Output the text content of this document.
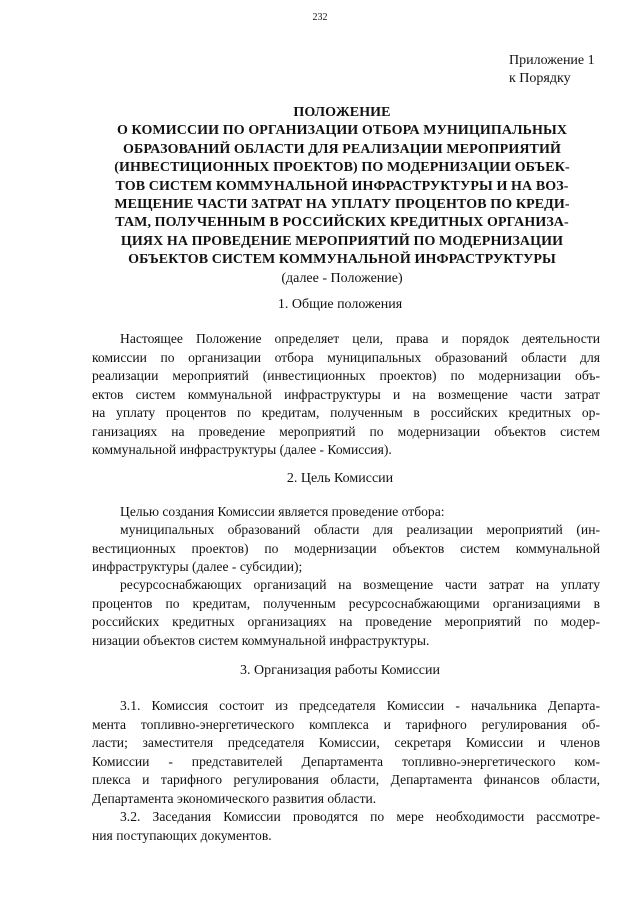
232
Приложение 1
к Порядку
ПОЛОЖЕНИЕ
О КОМИССИИ ПО ОРГАНИЗАЦИИ ОТБОРА МУНИЦИПАЛЬНЫХ
ОБРАЗОВАНИЙ ОБЛАСТИ ДЛЯ РЕАЛИЗАЦИИ МЕРОПРИЯТИЙ
(ИНВЕСТИЦИОННЫХ ПРОЕКТОВ) ПО МОДЕРНИЗАЦИИ ОБЪЕК-
ТОВ СИСТЕМ КОММУНАЛЬНОЙ ИНФРАСТРУКТУРЫ И НА ВОЗ-
МЕЩЕНИЕ ЧАСТИ ЗАТРАТ НА УПЛАТУ ПРОЦЕНТОВ ПО КРЕДИ-
ТАМ, ПОЛУЧЕННЫМ В РОССИЙСКИХ КРЕДИТНЫХ ОРГАНИЗА-
ЦИЯХ НА ПРОВЕДЕНИЕ МЕРОПРИЯТИЙ ПО МОДЕРНИЗАЦИИ
ОБЪЕКТОВ СИСТЕМ КОММУНАЛЬНОЙ ИНФРАСТРУКТУРЫ
(далее - Положение)
1. Общие положения
Настоящее Положение определяет цели, права и порядок деятельности
комиссии по организации отбора муниципальных образований области для
реализации мероприятий (инвестиционных проектов) по модернизации объ-
ектов систем коммунальной инфраструктуры и на возмещение части затрат
на уплату процентов по кредитам, полученным в российских кредитных ор-
ганизациях на проведение мероприятий по модернизации объектов систем
коммунальной инфраструктуры (далее - Комиссия).
2. Цель Комиссии
Целью создания Комиссии является проведение отбора:
муниципальных образований области для реализации мероприятий (ин-
вестиционных проектов) по модернизации объектов систем коммунальной
инфраструктуры (далее - субсидии);
ресурсоснабжающих организаций на возмещение части затрат на уплату
процентов по кредитам, полученным ресурсоснабжающими организациями в
российских кредитных организациях на проведение мероприятий по модер-
низации объектов систем коммунальной инфраструктуры.
3. Организация работы Комиссии
3.1. Комиссия состоит из председателя Комиссии - начальника Департа-
мента топливно-энергетического комплекса и тарифного регулирования об-
ласти; заместителя председателя Комиссии, секретаря Комиссии и членов
Комиссии - представителей Департамента топливно-энергетического ком-
плекса и тарифного регулирования области, Департамента финансов области,
Департамента экономического развития области.
3.2. Заседания Комиссии проводятся по мере необходимости рассмотре-
ния поступающих документов.
